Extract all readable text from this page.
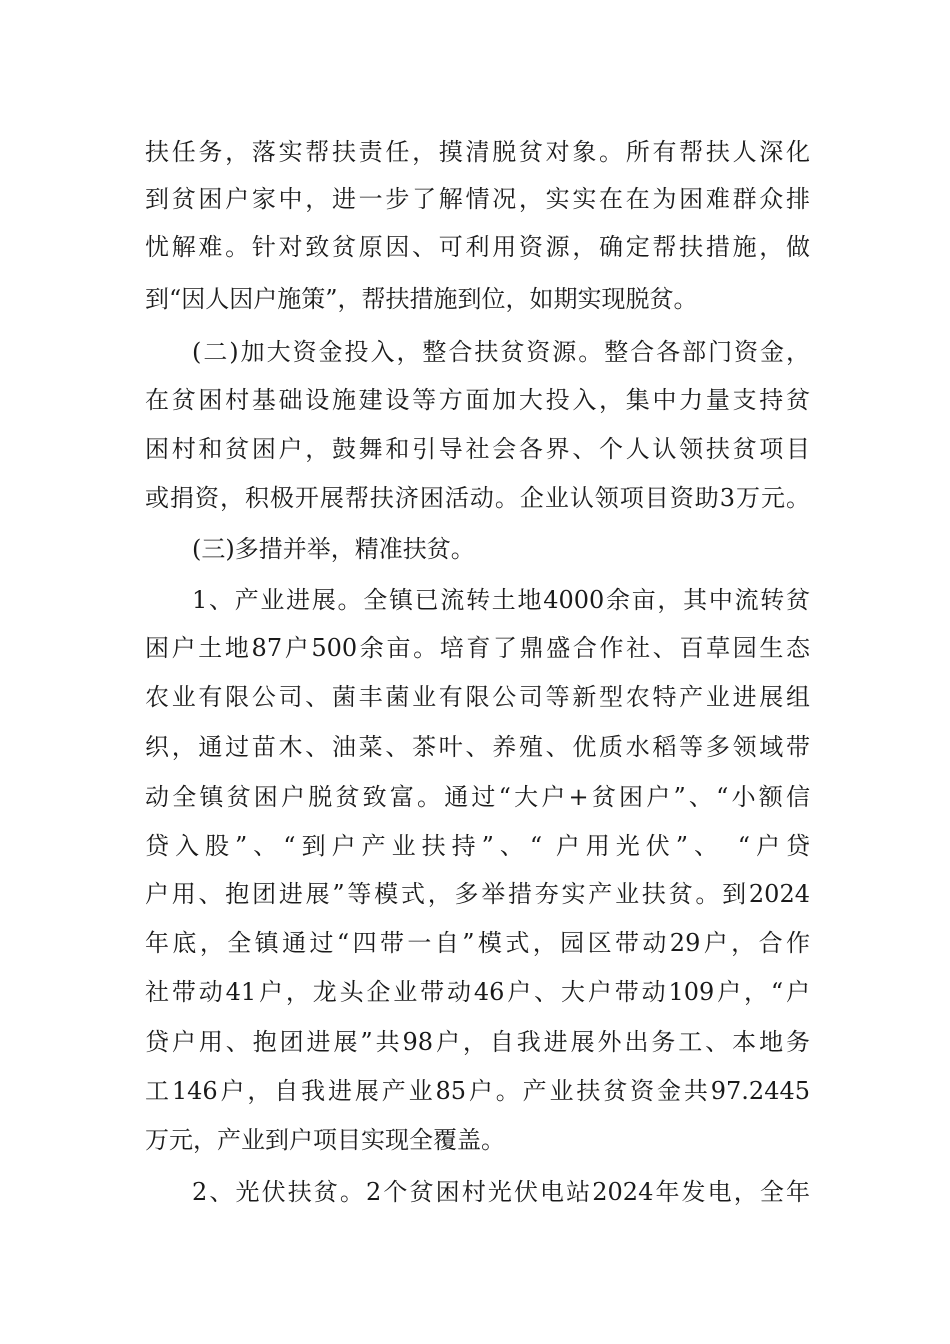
扶任务，落实帮扶责任，摸清脱贫对象。所有帮扶人深化
到贫困户家中，进一步了解情况，实实在在为困难群众排
忧解难。针对致贫原因、可利用资源，确定帮扶措施，做
到“因人因户施策”，帮扶措施到位，如期实现脱贫。
(二)加大资金投入，整合扶贫资源。整合各部门资金，
在贫困村基础设施建设等方面加大投入，集中力量支持贫
困村和贫困户，鼓舞和引导社会各界、个人认领扶贫项目
或捐资，积极开展帮扶济困活动。企业认领项目资助3万元。
(三)多措并举，精准扶贫。
1、产业进展。全镇已流转土地4000余亩，其中流转贫
困户土地87户500余亩。培育了鼎盛合作社、百草园生态
农业有限公司、菌丰菌业有限公司等新型农特产业进展组
织，通过苗木、油菜、茶叶、养殖、优质水稻等多领域带
动全镇贫困户脱贫致富。通过“大户+贫困户”、“小额信
贷入股”、“到户产业扶持”、“ 户用光伏”、 “户贷
户用、抱团进展”等模式，多举措夯实产业扶贫。到2024
年底，全镇通过“四带一自”模式，园区带动29户，合作
社带动41户，龙头企业带动46户、大户带动109户，“户
贷户用、抱团进展”共98户，自我进展外出务工、本地务
工146户，自我进展产业85户。产业扶贫资金共97.2445
万元，产业到户项目实现全覆盖。
2、光伏扶贫。2个贫困村光伏电站2024年发电，全年
